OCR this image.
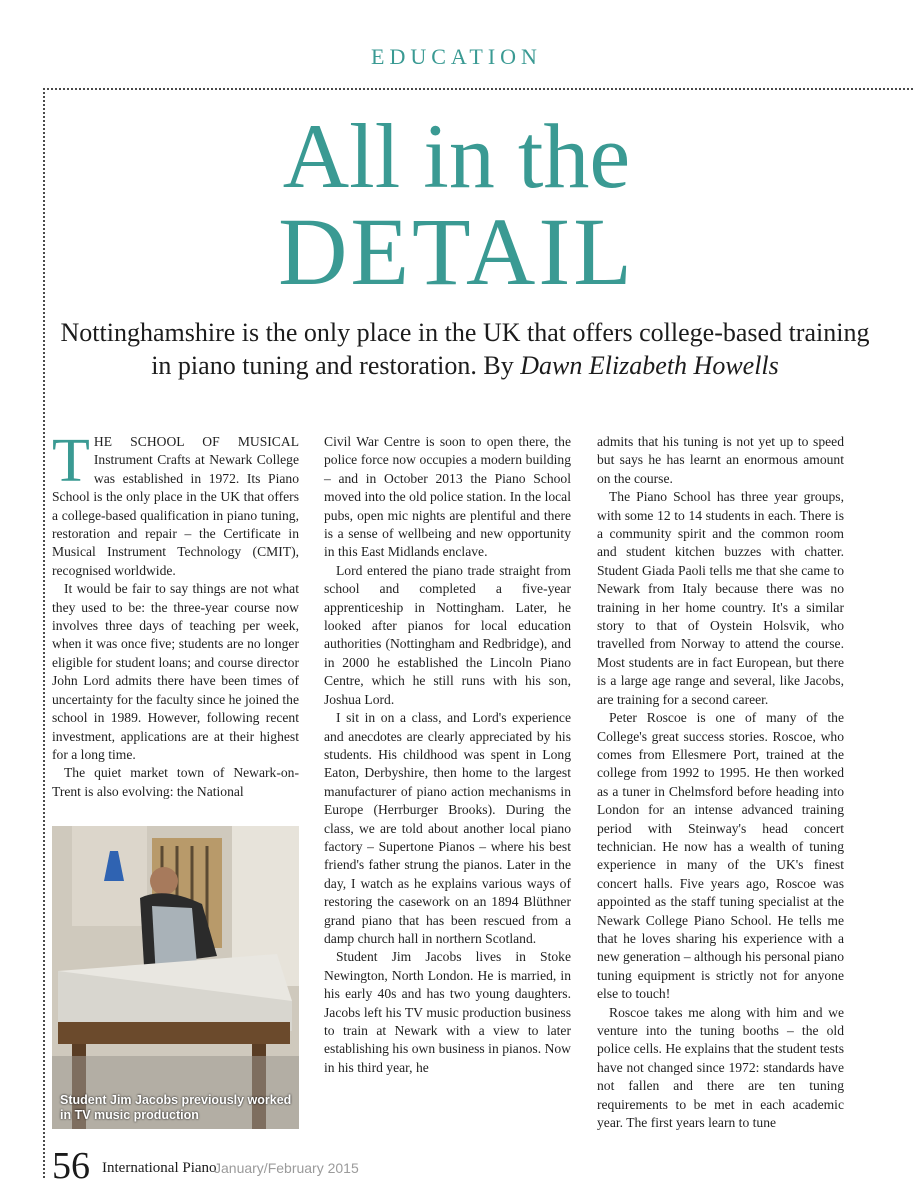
EDUCATION
All in the
DETAIL
Nottinghamshire is the only place in the UK that offers college-based training in piano tuning and restoration. By Dawn Elizabeth Howells

THE SCHOOL OF MUSICAL Instrument Crafts at Newark College was established in 1972. Its Piano School is the only place in the UK that offers a college-based qualification in piano tuning, restoration and repair – the Certificate in Musical Instrument Technology (CMIT), recognised worldwide.

It would be fair to say things are not what they used to be: the three-year course now involves three days of teaching per week, when it was once five; students are no longer eligible for student loans; and course director John Lord admits there have been times of uncertainty for the faculty since he joined the school in 1989. However, following recent investment, applications are at their highest for a long time.

The quiet market town of Newark-on-Trent is also evolving: the National

Student Jim Jacobs previously worked in TV music production

Civil War Centre is soon to open there, the police force now occupies a modern building – and in October 2013 the Piano School moved into the old police station. In the local pubs, open mic nights are plentiful and there is a sense of wellbeing and new opportunity in this East Midlands enclave.

Lord entered the piano trade straight from school and completed a five-year apprenticeship in Nottingham. Later, he looked after pianos for local education authorities (Nottingham and Redbridge), and in 2000 he established the Lincoln Piano Centre, which he still runs with his son, Joshua Lord.

I sit in on a class, and Lord's experience and anecdotes are clearly appreciated by his students. His childhood was spent in Long Eaton, Derbyshire, then home to the largest manufacturer of piano action mechanisms in Europe (Herrburger Brooks). During the class, we are told about another local piano factory – Supertone Pianos – where his best friend's father strung the pianos. Later in the day, I watch as he explains various ways of restoring the casework on an 1894 Blüthner grand piano that has been rescued from a damp church hall in northern Scotland.

Student Jim Jacobs lives in Stoke Newington, North London. He is married, in his early 40s and has two young daughters. Jacobs left his TV music production business to train at Newark with a view to later establishing his own business in pianos. Now in his third year, he

admits that his tuning is not yet up to speed but says he has learnt an enormous amount on the course.

The Piano School has three year groups, with some 12 to 14 students in each. There is a community spirit and the common room and student kitchen buzzes with chatter. Student Giada Paoli tells me that she came to Newark from Italy because there was no training in her home country. It's a similar story to that of Oystein Holsvik, who travelled from Norway to attend the course. Most students are in fact European, but there is a large age range and several, like Jacobs, are training for a second career.

Peter Roscoe is one of many of the College's great success stories. Roscoe, who comes from Ellesmere Port, trained at the college from 1992 to 1995. He then worked as a tuner in Chelmsford before heading into London for an intense advanced training period with Steinway's head concert technician. He now has a wealth of tuning experience in many of the UK's finest concert halls. Five years ago, Roscoe was appointed as the staff tuning specialist at the Newark College Piano School. He tells me that he loves sharing his experience with a new generation – although his personal piano tuning equipment is strictly not for anyone else to touch!

Roscoe takes me along with him and we venture into the tuning booths – the old police cells. He explains that the student tests have not changed since 1972: standards have not fallen and there are ten tuning requirements to be met in each academic year. The first years learn to tune

56 International Piano
January/February 2015
